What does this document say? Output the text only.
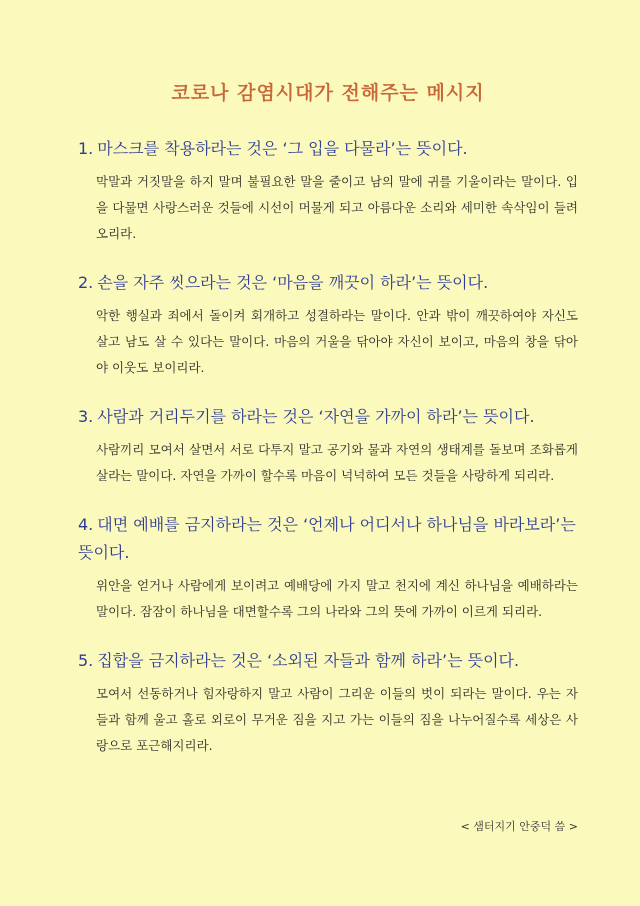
코로나 감염시대가 전해주는 메시지

1. 마스크를 착용하라는 것은 ‘그 입을 다물라’는 뜻이다.

막말과 거짓말을 하지 말며 불필요한 말을 줄이고 남의 말에 귀를 기울이라는 말이다. 입을 다물면 사랑스러운 것들에 시선이 머물게 되고 아름다운 소리와 세미한 속삭임이 들려오리라.

2. 손을 자주 씻으라는 것은 ‘마음을 깨끗이 하라’는 뜻이다.

악한 행실과 죄에서 돌이켜 회개하고 성결하라는 말이다. 안과 밖이 깨끗하여야 자신도 살고 남도 살 수 있다는 말이다. 마음의 거울을 닦아야 자신이 보이고, 마음의 창을 닦아야 이웃도 보이리라.

3. 사람과 거리두기를 하라는 것은 ‘자연을 가까이 하라’는 뜻이다.

사람끼리 모여서 살면서 서로 다투지 말고 공기와 물과 자연의 생태계를 돌보며 조화롭게 살라는 말이다. 자연을 가까이 할수록 마음이 넉넉하여 모든 것들을 사랑하게 되리라.

4. 대면 예배를 금지하라는 것은 ‘언제나 어디서나 하나님을 바라보라’는 뜻이다.

위안을 얻거나 사람에게 보이려고 예배당에 가지 말고 천지에 계신 하나님을 예배하라는 말이다. 잠잠이 하나님을 대면할수록 그의 나라와 그의 뜻에 가까이 이르게 되리라.

5. 집합을 금지하라는 것은 ‘소외된 자들과 함께 하라’는 뜻이다.

모여서 선동하거나 힘자랑하지 말고 사람이 그리운 이들의 벗이 되라는 말이다. 우는 자들과 함께 울고 홀로 외로이 무거운 짐을 지고 가는 이들의 짐을 나누어질수록 세상은 사랑으로 포근해지리라.

< 샘터지기 안중덕 씀 >
